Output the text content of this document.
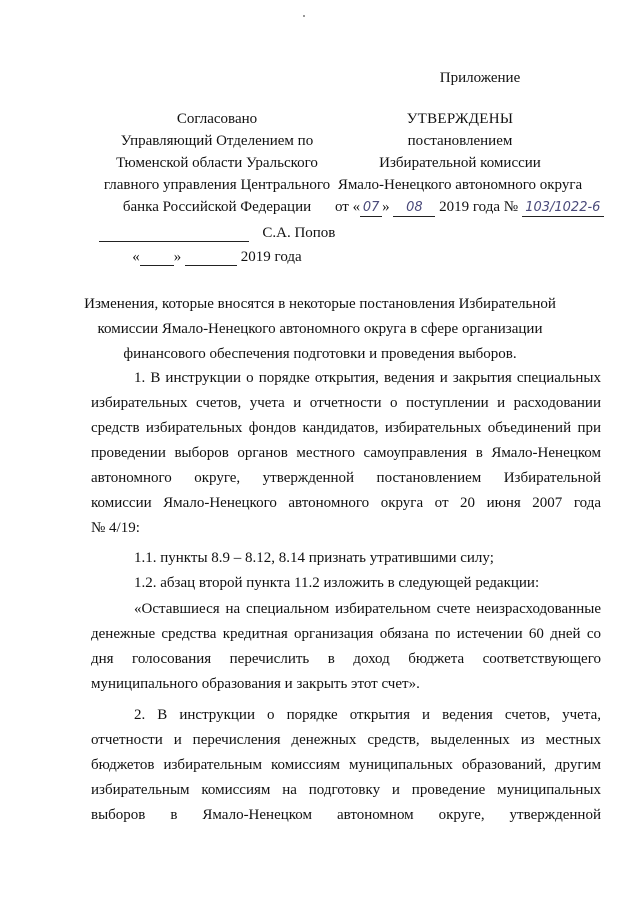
Приложение
Согласовано
Управляющий Отделением по
Тюменской области Уральского
главного управления Центрального
банка Российской Федерации
С.А. Попов
« »	2019 года
УТВЕРЖДЕНЫ
постановлением
Избирательной комиссии
Ямало-Ненецкого автономного округа
от « 07 » 08 2019 года № 103/1022-6
Изменения, которые вносятся в некоторые постановления Избирательной
комиссии Ямало-Ненецкого автономного округа в сфере организации
финансового обеспечения подготовки и проведения выборов.
1. В инструкции о порядке открытия, ведения и закрытия специальных
избирательных счетов, учета и отчетности о поступлении и расходовании
средств избирательных фондов кандидатов, избирательных объединений при
проведении выборов органов местного самоуправления в Ямало-Ненецком
автономного округе, утвержденной постановлением Избирательной
комиссии Ямало-Ненецкого автономного округа от 20 июня 2007 года
№ 4/19:
1.1. пункты 8.9 – 8.12, 8.14 признать утратившими силу;
1.2. абзац второй пункта 11.2 изложить в следующей редакции:
«Оставшиеся на специальном избирательном счете неизрасходованные
денежные средства кредитная организация обязана по истечении 60 дней со
дня голосования перечислить в доход бюджета соответствующего
муниципального образования и закрыть этот счет».
2. В инструкции о порядке открытия и ведения счетов, учета,
отчетности и перечисления денежных средств, выделенных из местных
бюджетов избирательным комиссиям муниципальных образований, другим
избирательным комиссиям на подготовку и проведение муниципальных
выборов в Ямало-Ненецком автономном округе, утвержденной
